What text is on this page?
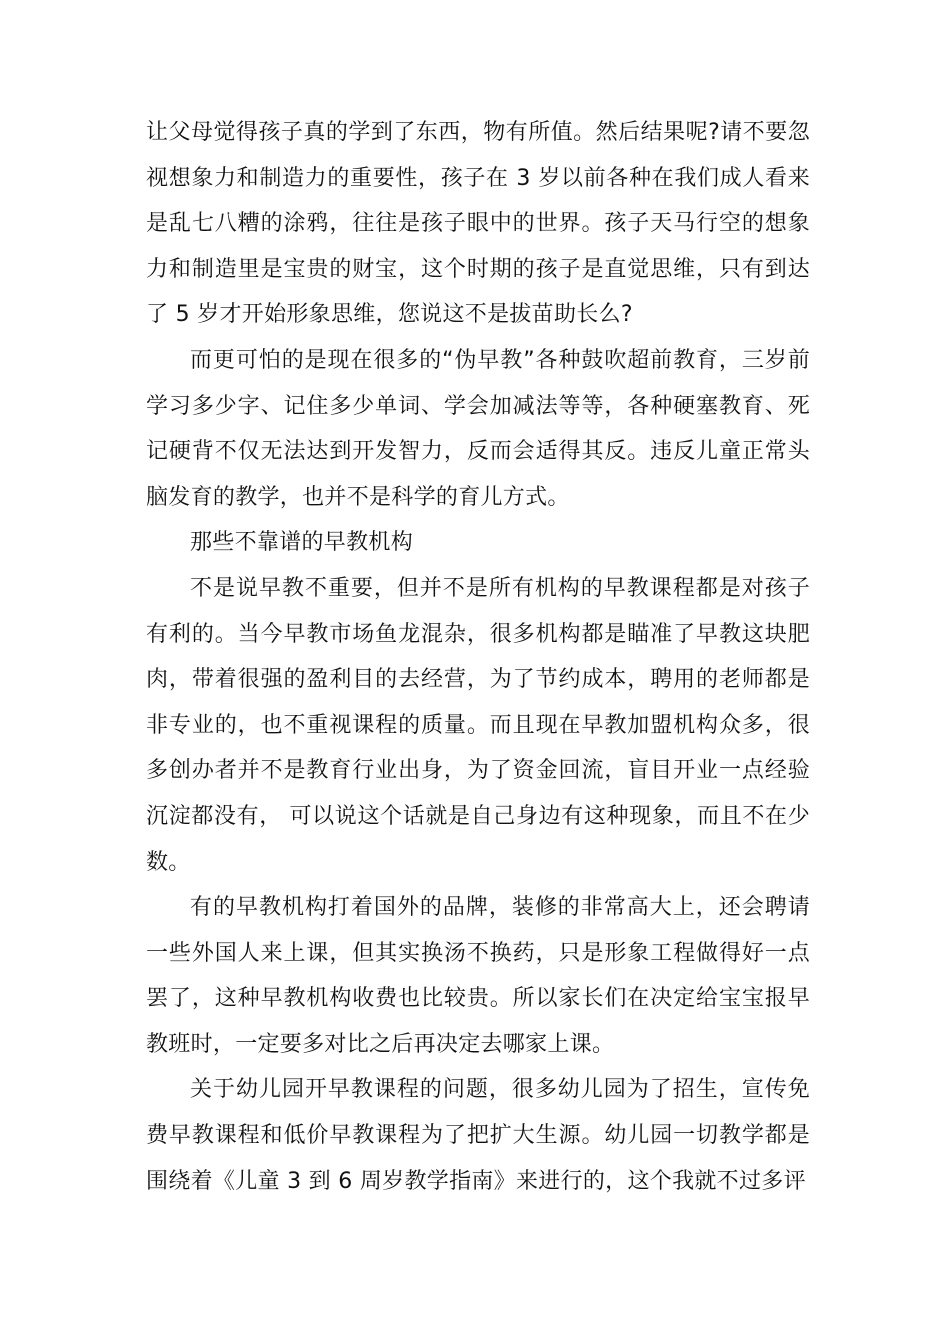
让父母觉得孩子真的学到了东西，物有所值。然后结果呢?请不要忽视想象力和制造力的重要性，孩子在 3 岁以前各种在我们成人看来是乱七八糟的涂鸦，往往是孩子眼中的世界。孩子天马行空的想象力和制造里是宝贵的财宝，这个时期的孩子是直觉思维，只有到达了 5 岁才开始形象思维，您说这不是拔苗助长么?

而更可怕的是现在很多的“伪早教”各种鼓吹超前教育，三岁前学习多少字、记住多少单词、学会加减法等等，各种硬塞教育、死记硬背不仅无法达到开发智力，反而会适得其反。违反儿童正常头脑发育的教学，也并不是科学的育儿方式。

那些不靠谱的早教机构

不是说早教不重要，但并不是所有机构的早教课程都是对孩子有利的。当今早教市场鱼龙混杂，很多机构都是瞄准了早教这块肥肉，带着很强的盈利目的去经营，为了节约成本，聘用的老师都是非专业的，也不重视课程的质量。而且现在早教加盟机构众多，很多创办者并不是教育行业出身，为了资金回流，盲目开业一点经验沉淀都没有， 可以说这个话就是自己身边有这种现象，而且不在少数。

有的早教机构打着国外的品牌，装修的非常高大上，还会聘请一些外国人来上课，但其实换汤不换药，只是形象工程做得好一点罢了，这种早教机构收费也比较贵。所以家长们在决定给宝宝报早教班时，一定要多对比之后再决定去哪家上课。

关于幼儿园开早教课程的问题，很多幼儿园为了招生，宣传免费早教课程和低价早教课程为了把扩大生源。幼儿园一切教学都是围绕着《儿童 3 到 6 周岁教学指南》来进行的，这个我就不过多评
